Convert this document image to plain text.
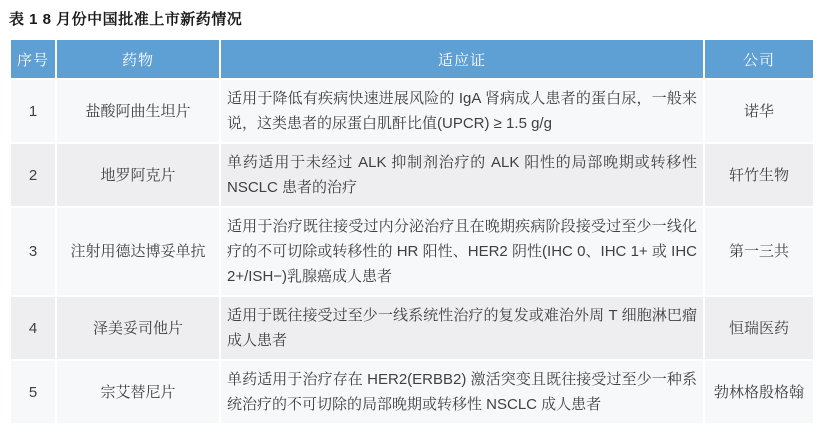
表 1 8 月份中国批准上市新药情况
序号	药物	适应证	公司
1	盐酸阿曲生坦片	适用于降低有疾病快速进展风险的 IgA 肾病成人患者的蛋白尿，一般来说，这类患者的尿蛋白肌酐比值(UPCR) ≥ 1.5 g/g	诺华
2	地罗阿克片	单药适用于未经过 ALK 抑制剂治疗的 ALK 阳性的局部晚期或转移性 NSCLC 患者的治疗	轩竹生物
3	注射用德达博妥单抗	适用于治疗既往接受过内分泌治疗且在晚期疾病阶段接受过至少一线化疗的不可切除或转移性的 HR 阳性、HER2 阴性(IHC 0、IHC 1+ 或 IHC 2+/ISH−)乳腺癌成人患者	第一三共
4	泽美妥司他片	适用于既往接受过至少一线系统性治疗的复发或难治外周 T 细胞淋巴瘤成人患者	恒瑞医药
5	宗艾替尼片	单药适用于治疗存在 HER2(ERBB2) 激活突变且既往接受过至少一种系统治疗的不可切除的局部晚期或转移性 NSCLC 成人患者	勃林格殷格翰
